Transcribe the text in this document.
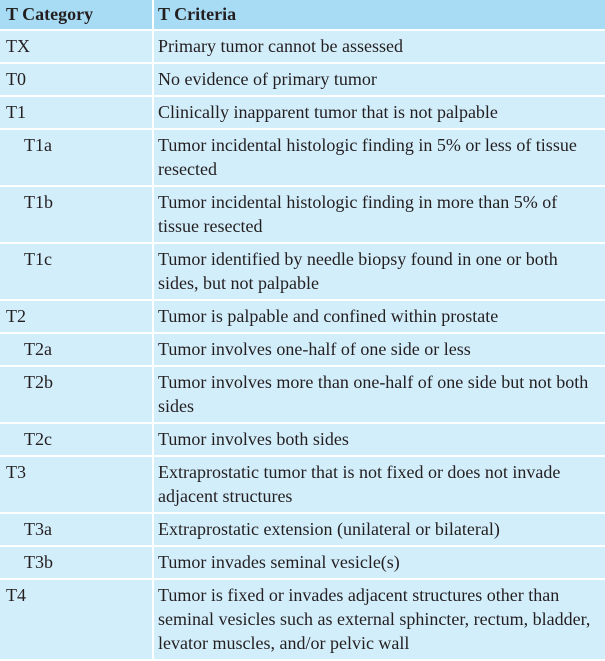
T Category	T Criteria
TX	Primary tumor cannot be assessed
T0	No evidence of primary tumor
T1	Clinically inapparent tumor that is not palpable
T1a	Tumor incidental histologic finding in 5% or less of tissue resected
T1b	Tumor incidental histologic finding in more than 5% of tissue resected
T1c	Tumor identified by needle biopsy found in one or both sides, but not palpable
T2	Tumor is palpable and confined within prostate
T2a	Tumor involves one-half of one side or less
T2b	Tumor involves more than one-half of one side but not both sides
T2c	Tumor involves both sides
T3	Extraprostatic tumor that is not fixed or does not invade adjacent structures
T3a	Extraprostatic extension (unilateral or bilateral)
T3b	Tumor invades seminal vesicle(s)
T4	Tumor is fixed or invades adjacent structures other than seminal vesicles such as external sphincter, rectum, bladder, levator muscles, and/or pelvic wall
